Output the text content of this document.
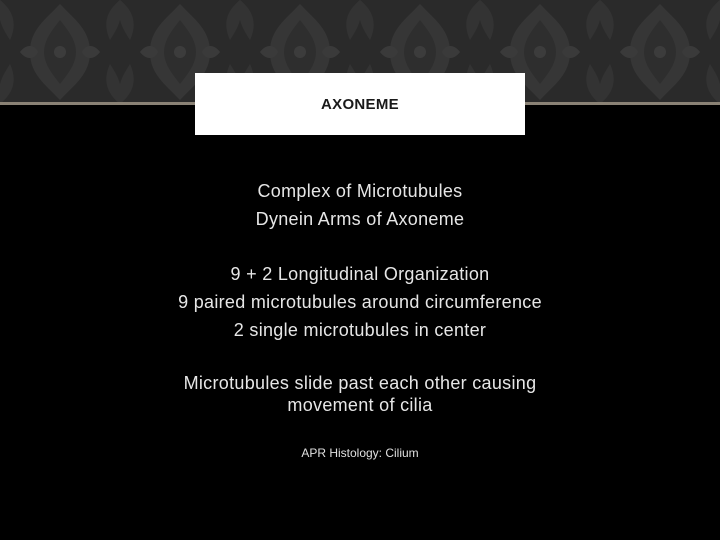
AXONEME
Complex of Microtubules
Dynein Arms of Axoneme
9 + 2 Longitudinal Organization
9 paired microtubules around circumference
2 single microtubules in center
Microtubules slide past each other causing
movement of cilia
APR Histology: Cilium
